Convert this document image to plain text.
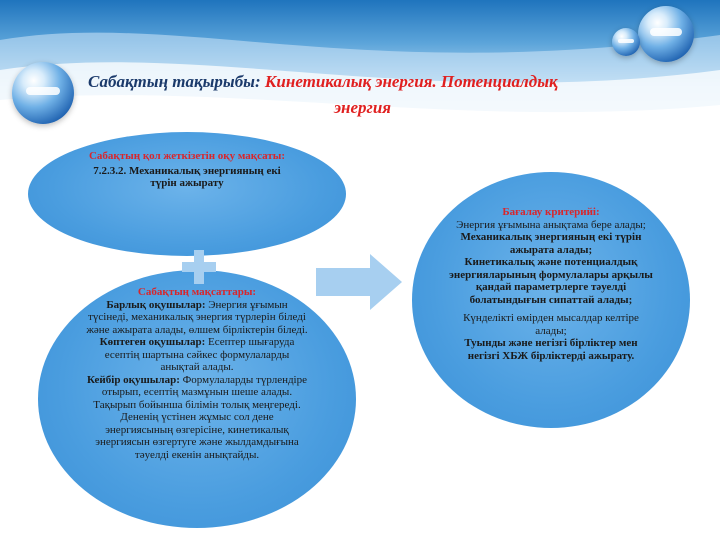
Сабақтың тақырыбы: Кинетикалық энергия. Потенциалдық
энергия
Сабақтың қол жеткізетін оқу мақсаты:
7.2.3.2. Механикалық энергияның екі түрін ажырату
Бағалау критерийі:
Энергия ұғымына анықтама бере алады;
Механикалық энергияның екі түрін ажырата алады;
Кинетикалық және потенциалдық энергияларының формулалары арқылы қандай параметрлерге тәуелді болатындығын сипаттай алады;
Күнделікті өмірден мысалдар келтіре алады;
Туынды және негізгі бірліктер мен негізгі ХБЖ бірліктерді ажырату.
Сабақтың мақсаттары:
Барлық оқушылар: Энергия ұғымын түсінеді, механикалық энергия түрлерін біледі және ажырата алады, өлшем бірліктерін біледі.
Көптеген оқушылар: Есептер шығаруда есептің шартына сәйкес формулаларды анықтай алады.
Кейбір оқушылар: Формулаларды түрлендіре отырып, есептің мазмұнын шеше алады. Тақырып бойынша білімін толық меңгереді. Дененің үстінен жұмыс сол дене энергиясының өзгерісіне, кинетикалық энергиясын өзгертуге және жылдамдығына тәуелді екенін анықтайды.
